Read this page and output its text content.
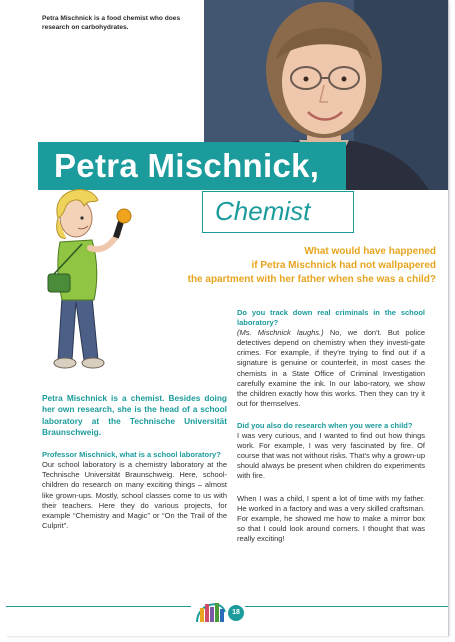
Petra Mischnick is a food chemist who does research on carbohydrates.
Petra Mischnick,
Chemist
What would have happened
if Petra Mischnick had not wallpapered
the apartment with her father when she was a child?

Petra Mischnick is a chemist. Besides doing her own research, she is the head of a school laboratory at the Technische Universität Braunschweig.

Professor Mischnick, what is a school laboratory?

Our school laboratory is a chemistry laboratory at the Technische Universität Braunschweig. Here, school-children do research on many exciting things – almost like grown-ups. Mostly, school classes come to us with their teachers. Here they do various projects, for example “Chemistry and Magic” or “On the Trail of the Culprit”.

Do you track down real criminals in the school laboratory?

(Ms. Mischnick laughs.) No, we don't. But police detectives depend on chemistry when they investi-gate crimes. For example, if they're trying to find out if a signature is genuine or counterfeit, in most cases the chemists in a State Office of Criminal Investigation carefully examine the ink. In our labo-ratory, we show the children exactly how this works. Then they can try it out for themselves.

Did you also do research when you were a child?

I was very curious, and I wanted to find out how things work. For example, I was very fascinated by fire. Of course that was not without risks. That's why a grown-up should always be present when children do experiments with fire.

When I was a child, I spent a lot of time with my father. He worked in a factory and was a very skilled craftsman. For example, he showed me how to make a mirror box so that I could look around corners. I thought that was really exciting!

18
